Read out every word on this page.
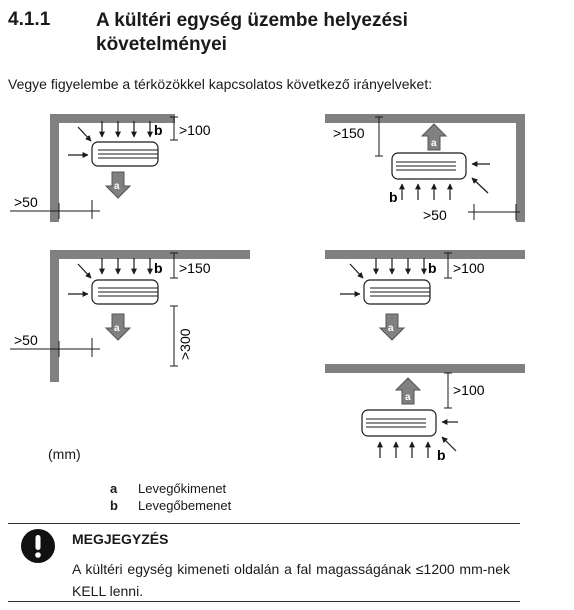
4.1.1 A kültéri egység üzembe helyezési követelményei
Vegye figyelembe a térközökkel kapcsolatos következő irányelveket:
a
b >100
>50
a
>150
b
>50
a
b >150
>300
>50
a
b >100
a	>100
b
(mm)
a	Levegőkimenet
b	Levegőbemenet
MEGJEGYZÉS
A kültéri egység kimeneti oldalán a fal magasságának ≤1200 mm-nek KELL lenni.
